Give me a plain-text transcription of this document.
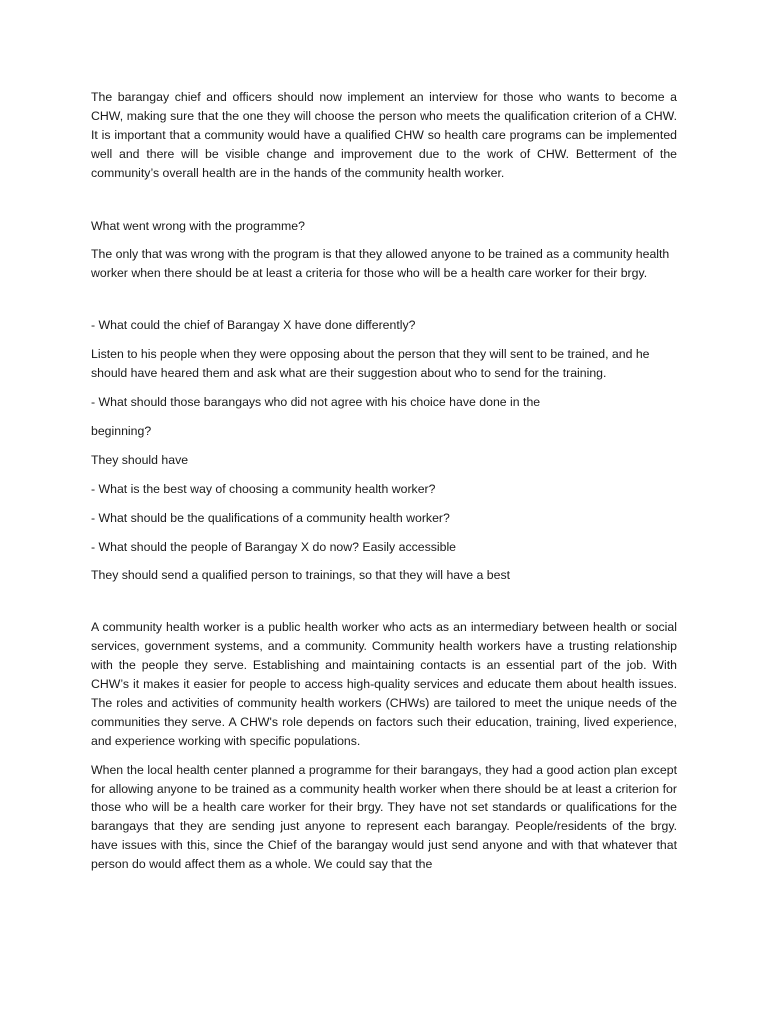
The barangay chief and officers should now implement an interview for those who wants to become a CHW, making sure that the one they will choose the person who meets the qualification criterion of a CHW. It is important that a community would have a qualified CHW so health care programs can be implemented well and there will be visible change and improvement due to the work of CHW. Betterment of the community’s overall health are in the hands of the community health worker.

What went wrong with the programme?

The only that was wrong with the program is that they allowed anyone to be trained as a community health worker when there should be at least a criteria for those who will be a health care worker for their brgy.

- What could the chief of Barangay X have done differently?

Listen to his people when they were opposing about the person that they will sent to be trained, and he should have heared them and ask what are their suggestion about who to send for the training.

- What should those barangays who did not agree with his choice have done in the

beginning?

They should have

- What is the best way of choosing a community health worker?

- What should be the qualifications of a community health worker?

- What should the people of Barangay X do now? Easily accessible

They should send a qualified person to trainings, so that they will have a best

A community health worker is a public health worker who acts as an intermediary between health or social services, government systems, and a community. Community health workers have a trusting relationship with the people they serve. Establishing and maintaining contacts is an essential part of the job. With CHW’s it makes it easier for people to access high-quality services and educate them about health issues. The roles and activities of community health workers (CHWs) are tailored to meet the unique needs of the communities they serve. A CHW's role depends on factors such their education, training, lived experience, and experience working with specific populations.

When the local health center planned a programme for their barangays, they had a good action plan except for allowing anyone to be trained as a community health worker when there should be at least a criterion for those who will be a health care worker for their brgy. They have not set standards or qualifications for the barangays that they are sending just anyone to represent each barangay. People/residents of the brgy. have issues with this, since the Chief of the barangay would just send anyone and with that whatever that person do would affect them as a whole. We could say that the
